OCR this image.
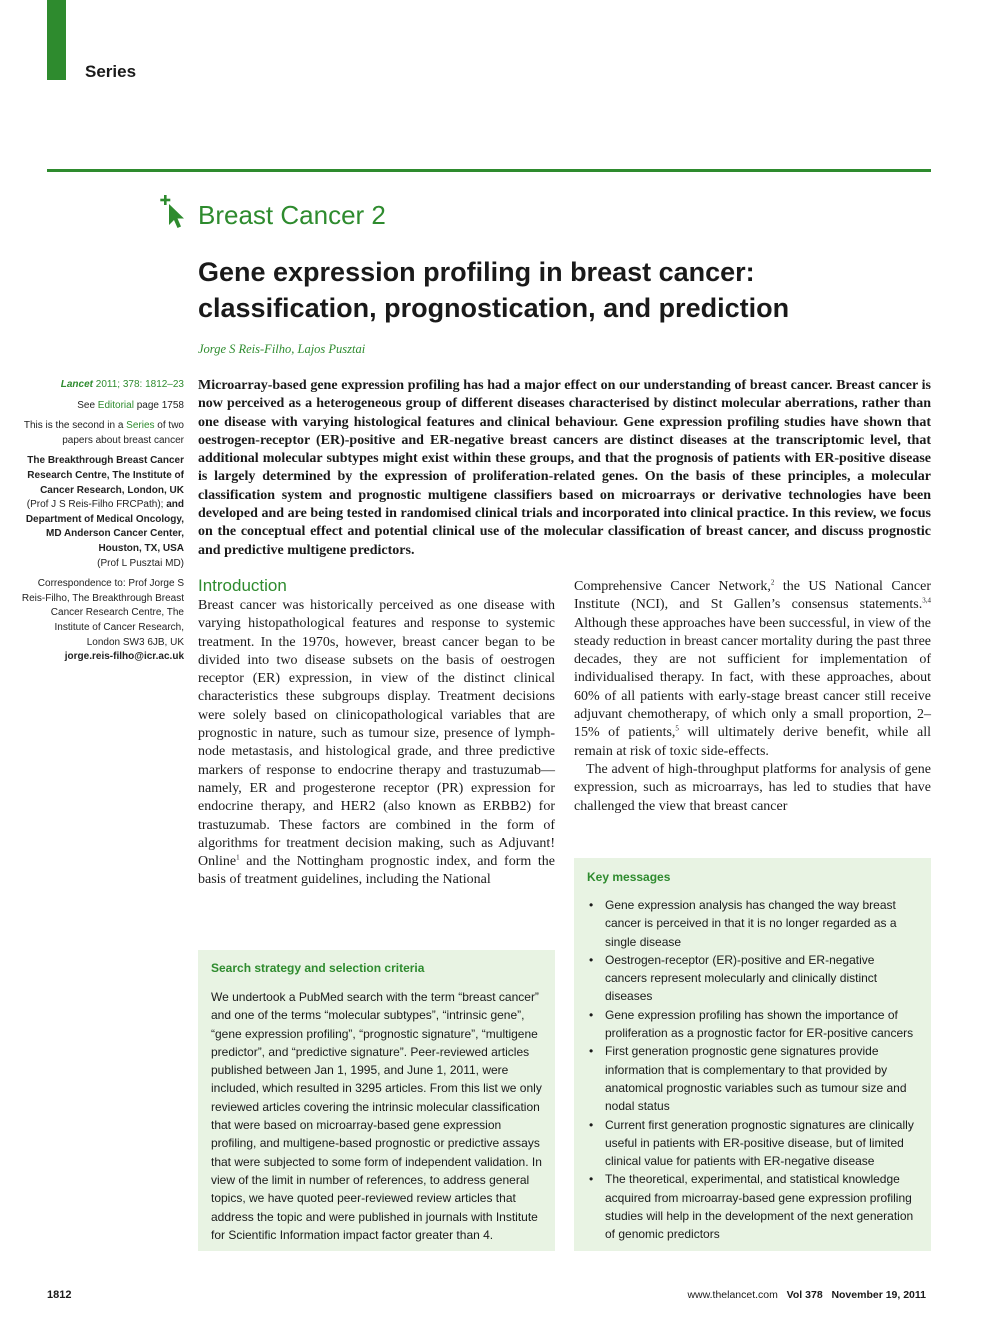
Series
Breast Cancer 2
Gene expression profiling in breast cancer: classification, prognostication, and prediction
Jorge S Reis-Filho, Lajos Pusztai

Lancet 2011; 378: 1812–23

See Editorial page 1758

This is the second in a Series of two papers about breast cancer

The Breakthrough Breast Cancer Research Centre, The Institute of Cancer Research, London, UK
(Prof J S Reis-Filho FRCPath); and
Department of Medical Oncology, MD Anderson Cancer Center, Houston, TX, USA
(Prof L Pusztai MD)

Correspondence to: Prof Jorge S Reis-Filho, The Breakthrough Breast Cancer Research Centre, The Institute of Cancer Research, London SW3 6JB, UK
jorge.reis-filho@icr.ac.uk

Microarray-based gene expression profiling has had a major effect on our understanding of breast cancer. Breast cancer is now perceived as a heterogeneous group of different diseases characterised by distinct molecular aberrations, rather than one disease with varying histological features and clinical behaviour. Gene expression profiling studies have shown that oestrogen-receptor (ER)-positive and ER-negative breast cancers are distinct diseases at the transcriptomic level, that additional molecular subtypes might exist within these groups, and that the prognosis of patients with ER-positive disease is largely determined by the expression of proliferation-related genes. On the basis of these principles, a molecular classification system and prognostic multigene classifiers based on microarrays or derivative technologies have been developed and are being tested in randomised clinical trials and incorporated into clinical practice. In this review, we focus on the conceptual effect and potential clinical use of the molecular classification of breast cancer, and discuss prognostic and predictive multigene predictors.
Introduction

Breast cancer was historically perceived as one disease with varying histopathological features and response to systemic treatment. In the 1970s, however, breast cancer began to be divided into two disease subsets on the basis of oestrogen receptor (ER) expression, in view of the distinct clinical characteristics these subgroups display. Treatment decisions were solely based on clinicopathological variables that are prognostic in nature, such as tumour size, presence of lymph-node metastasis, and histological grade, and three predictive markers of response to endocrine therapy and trastuzumab—namely, ER and progesterone receptor (PR) expression for endocrine therapy, and HER2 (also known as ERBB2) for trastuzumab. These factors are combined in the form of algorithms for treatment decision making, such as Adjuvant! Online$^1$ and the Nottingham prognostic index, and form the basis of treatment guidelines, including the National

Comprehensive Cancer Network,$^2$ the US National Cancer Institute (NCI), and St Gallen’s consensus statements.$^{3,4}$ Although these approaches have been successful, in view of the steady reduction in breast cancer mortality during the past three decades, they are not sufficient for implementation of individualised therapy. In fact, with these approaches, about 60% of all patients with early-stage breast cancer still receive adjuvant chemotherapy, of which only a small proportion, 2–15% of patients,$^5$ will ultimately derive benefit, while all remain at risk of toxic side-effects.

The advent of high-throughput platforms for analysis of gene expression, such as microarrays, has led to studies that have challenged the view that breast cancer

Search strategy and selection criteria
We undertook a PubMed search with the term “breast cancer” and one of the terms “molecular subtypes”, “intrinsic gene”, “gene expression profiling”, “prognostic signature”, “multigene predictor”, and “predictive signature”. Peer-reviewed articles published between Jan 1, 1995, and June 1, 2011, were included, which resulted in 3295 articles. From this list we only reviewed articles covering the intrinsic molecular classification that were based on microarray-based gene expression profiling, and multigene-based prognostic or predictive assays that were subjected to some form of independent validation. In view of the limit in number of references, to address general topics, we have quoted peer-reviewed review articles that address the topic and were published in journals with Institute for Scientific Information impact factor greater than 4.
Key messages
• Gene expression analysis has changed the way breast cancer is perceived in that it is no longer regarded as a single disease
• Oestrogen-receptor (ER)-positive and ER-negative cancers represent molecularly and clinically distinct diseases
• Gene expression profiling has shown the importance of proliferation as a prognostic factor for ER-positive cancers
• First generation prognostic gene signatures provide information that is complementary to that provided by anatomical prognostic variables such as tumour size and nodal status
• Current first generation prognostic signatures are clinically useful in patients with ER-positive disease, but of limited clinical value for patients with ER-negative disease
• The theoretical, experimental, and statistical knowledge acquired from microarray-based gene expression profiling studies will help in the development of the next generation of genomic predictors
1812	www.thelancet.com Vol 378 November 19, 2011
